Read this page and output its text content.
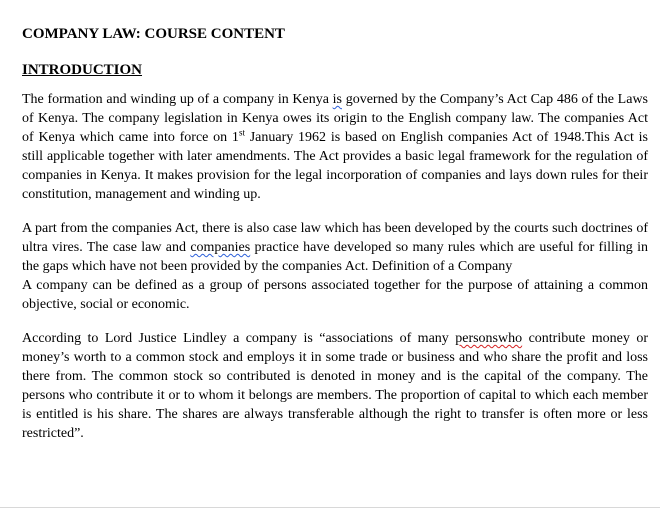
COMPANY LAW: COURSE CONTENT
INTRODUCTION

The formation and winding up of a company in Kenya is governed by the Company’s Act Cap 486 of the Laws of Kenya. The company legislation in Kenya owes its origin to the English company law. The companies Act of Kenya which came into force on 1st January 1962 is based on English companies Act of 1948.This Act is still applicable together with later amendments. The Act provides a basic legal framework for the regulation of companies in Kenya. It makes provision for the legal incorporation of companies and lays down rules for their constitution, management and winding up.

A part from the companies Act, there is also case law which has been developed by the courts such doctrines of ultra vires. The case law and companies practice have developed so many rules which are useful for filling in the gaps which have not been provided by the companies Act. Definition of a Company
A company can be defined as a group of persons associated together for the purpose of attaining a common objective, social or economic.

According to Lord Justice Lindley a company is “associations of many personswho contribute money or money’s worth to a common stock and employs it in some trade or business and who share the profit and loss there from. The common stock so contributed is denoted in money and is the capital of the company. The persons who contribute it or to whom it belongs are members. The proportion of capital to which each member is entitled is his share. The shares are always transferable although the right to transfer is often more or less restricted”.
